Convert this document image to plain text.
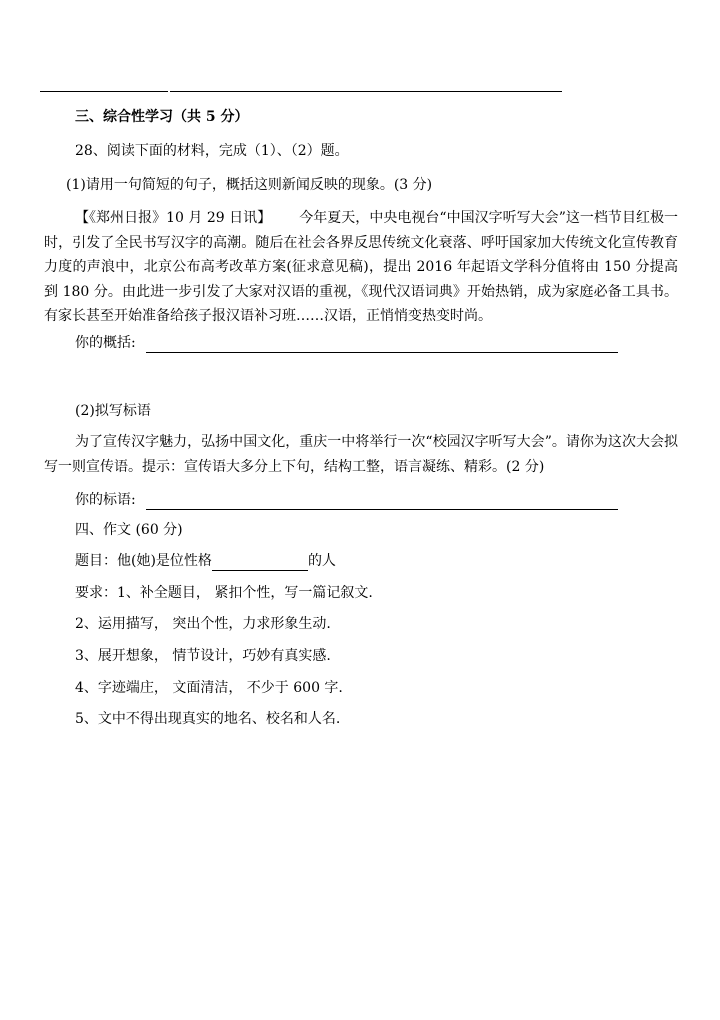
三、综合性学习（共 5 分）
28、阅读下面的材料，完成（1）、（2）题。
(1)请用一句简短的句子，概括这则新闻反映的现象。(3 分)
【《郑州日报》10 月 29 日讯】 今年夏天，中央电视台“中国汉字听写大会”这一档节目红极一时，引发了全民书写汉字的高潮。随后在社会各界反思传统文化衰落、呼吁国家加大传统文化宣传教育力度的声浪中，北京公布高考改革方案(征求意见稿)，提出 2016 年起语文学科分值将由 150 分提高到 180 分。由此进一步引发了大家对汉语的重视，《现代汉语词典》开始热销，成为家庭必备工具书。有家长甚至开始准备给孩子报汉语补习班……汉语，正悄悄变热变时尚。
你的概括:
(2)拟写标语
为了宣传汉字魅力，弘扬中国文化，重庆一中将举行一次“校园汉字听写大会”。请你为这次大会拟写一则宣传语。提示：宣传语大多分上下句，结构工整，语言凝练、精彩。(2 分)
你的标语:
四、作文 (60 分)
题目：他(她)是位性格	的人
要求：1、补全题目， 紧扣个性，写一篇记叙文.
2、运用描写， 突出个性，力求形象生动.
3、展开想象， 情节设计，巧妙有真实感.
4、字迹端庄， 文面清洁， 不少于 600 字.
5、文中不得出现真实的地名、校名和人名.
